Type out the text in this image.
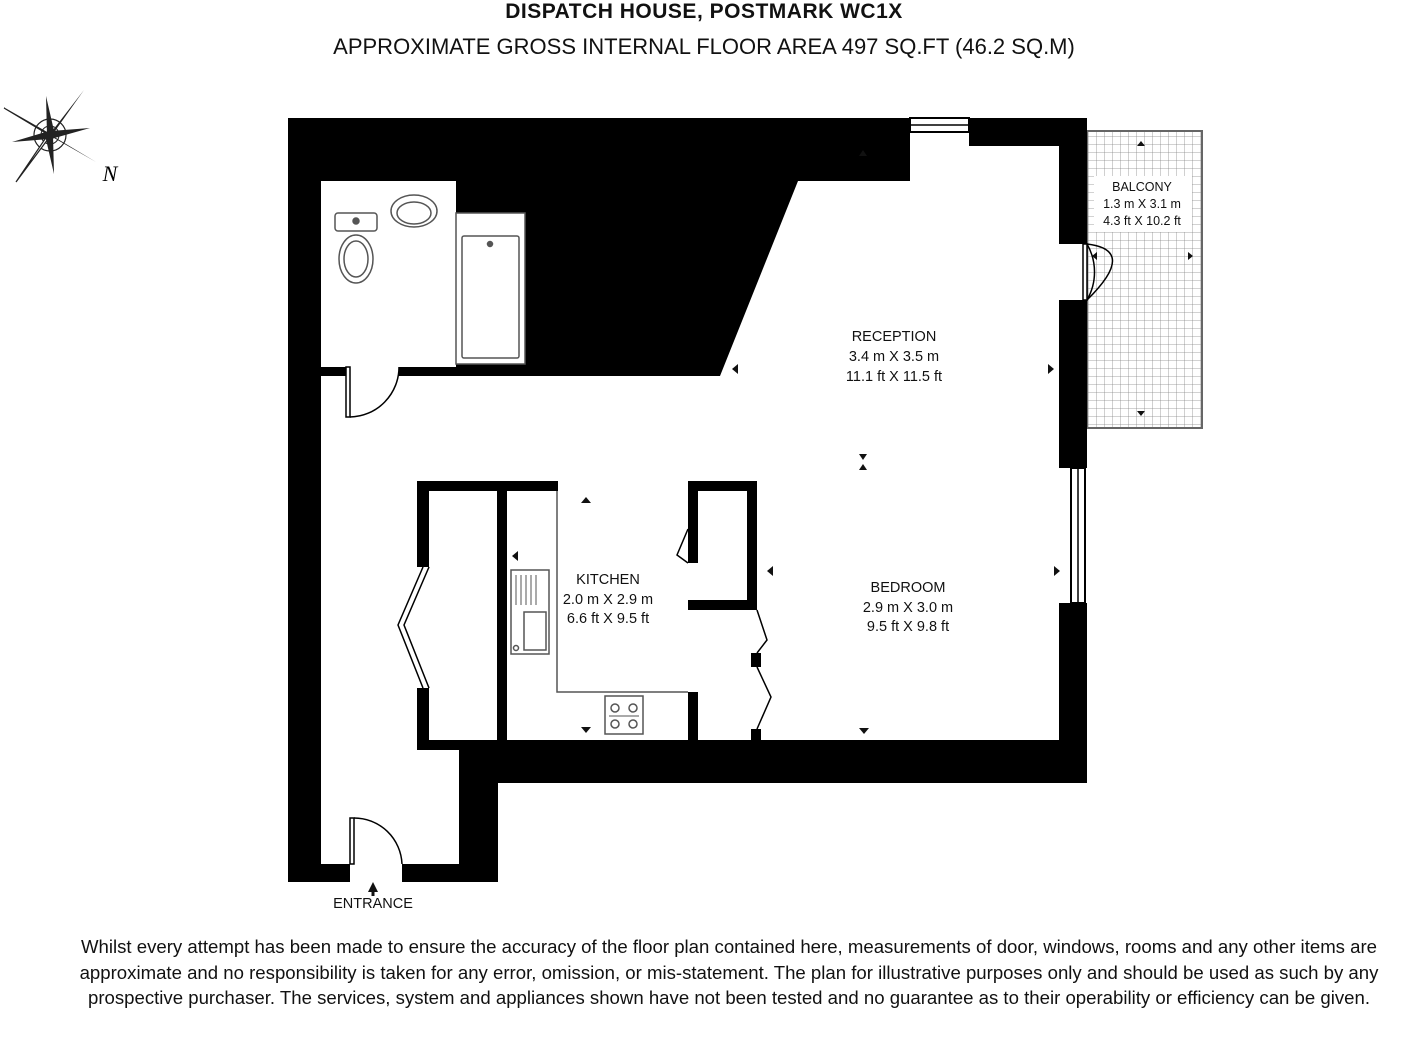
DISPATCH HOUSE, POSTMARK WC1X
APPROXIMATE GROSS INTERNAL FLOOR AREA 497 SQ.FT (46.2 SQ.M)
N
RECEPTION
3.4 m X 3.5 m
11.1 ft X 11.5 ft
KITCHEN
2.0 m X 2.9 m
6.6 ft X 9.5 ft
BEDROOM
2.9 m X 3.0 m
9.5 ft X 9.8 ft
BALCONY
1.3 m X 3.1 m
4.3 ft X 10.2 ft
ENTRANCE
Whilst every attempt has been made to ensure the accuracy of the floor plan contained here, measurements of door, windows, rooms and any other items are approximate and no responsibility is taken for any error, omission, or mis-statement. The plan for illustrative purposes only and should be used as such by any prospective purchaser. The services, system and appliances shown have not been tested and no guarantee as to their operability or efficiency can be given.
